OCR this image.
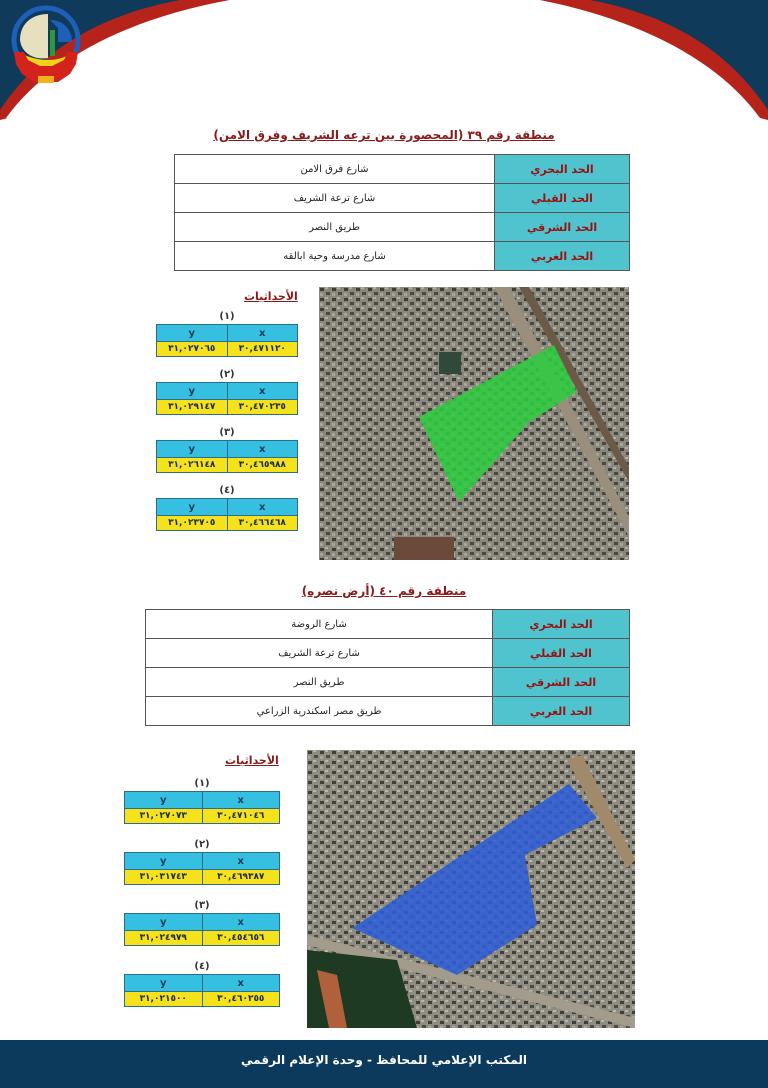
منطقة رقم ٣٩ (المحصورة بين ترعه الشريف وفرق الامن)
الحد البحري	شارع فرق الامن
الحد القبلي	شارع ترعة الشريف
الحد الشرقي	طريق النصر
الحد الغربي	شارع مدرسة وحية ابالقه
الأحداثيات
(١)
y	x
٣١,٠٢٧٠٦٥	٣٠,٤٧١١٢٠
(٢)
y	x
٣١,٠٢٩١٤٧	٣٠,٤٧٠٢٣٥
(٣)
y	x
٣١,٠٢٦١٤٨	٣٠,٤٦٥٩٨٨
(٤)
y	x
٣١,٠٢٣٧٠٥	٣٠,٤٦٦٤٦٨
منطقة رقم ٤٠ (أرض نصره)
الحد البحري	شارع الروضة
الحد القبلي	شارع ترعة الشريف
الحد الشرقي	طريق النصر
الحد الغربي	طريق مصر اسكندرية الزراعي
الأحداثيات
(١)
y	x
٣١,٠٢٧٠٧٣	٣٠,٤٧١٠٤٦
(٢)
y	x
٣١,٠٣١٧٤٣	٣٠,٤٦٩٣٨٧
(٣)
y	x
٣١,٠٢٤٩٧٩	٣٠,٤٥٤٦٥٦
(٤)
y	x
٣١,٠٢١٥٠٠	٣٠,٤٦٠٢٥٥
المكتب الإعلامي للمحافظ - وحدة الإعلام الرقمي
